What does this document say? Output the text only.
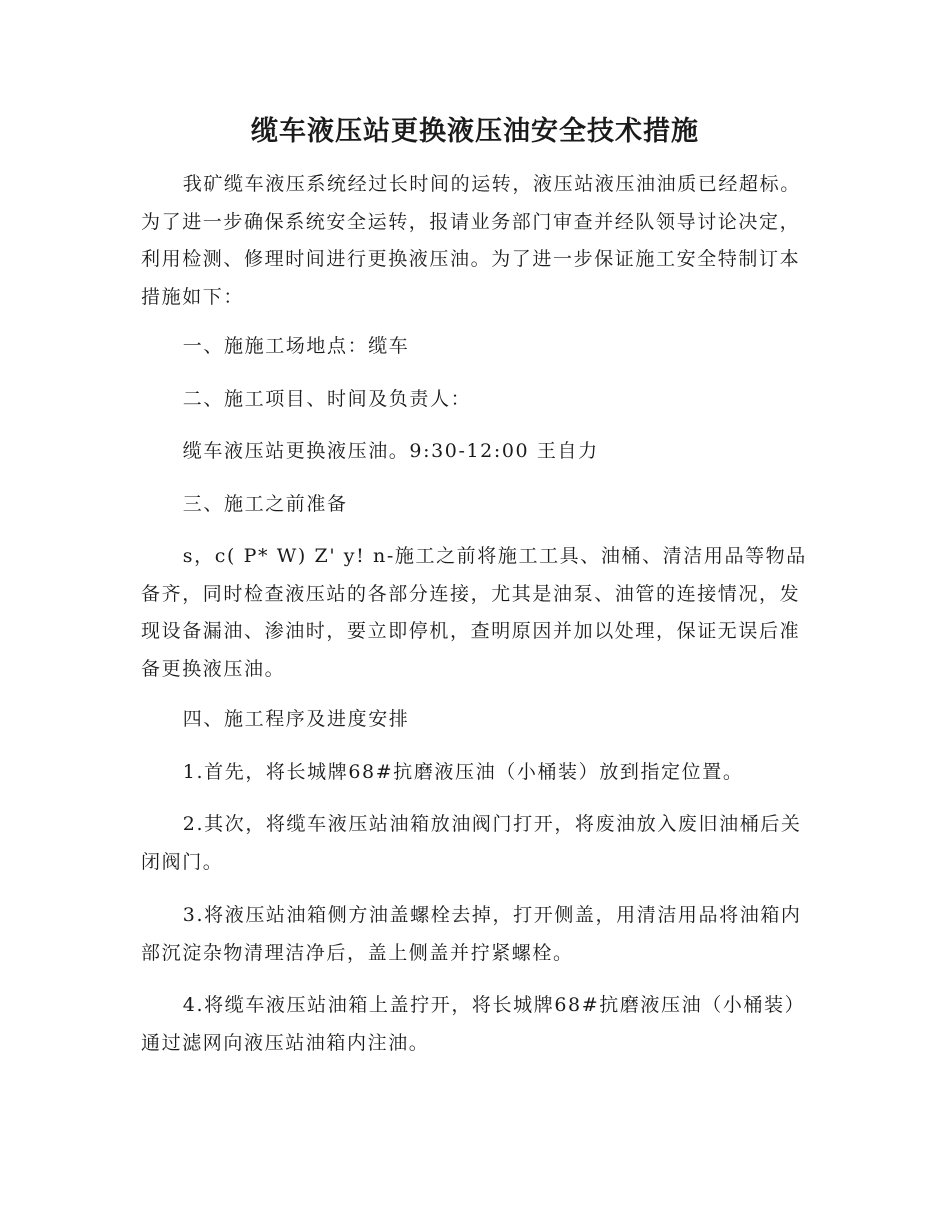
缆车液压站更换液压油安全技术措施

我矿缆车液压系统经过长时间的运转，液压站液压油油质已经超标。为了进一步确保系统安全运转，报请业务部门审查并经队领导讨论决定，利用检测、修理时间进行更换液压油。为了进一步保证施工安全特制订本措施如下：

一、施施工场地点：缆车

二、施工项目、时间及负责人：

缆车液压站更换液压油。9:30-12:00 王自力

三、施工之前准备

s，c( P* W) Z' y! n-施工之前将施工工具、油桶、清洁用品等物品备齐，同时检查液压站的各部分连接，尤其是油泵、油管的连接情况，发现设备漏油、渗油时，要立即停机，查明原因并加以处理，保证无误后准备更换液压油。

四、施工程序及进度安排

1.首先，将长城牌68#抗磨液压油（小桶装）放到指定位置。

2.其次，将缆车液压站油箱放油阀门打开，将废油放入废旧油桶后关闭阀门。

3.将液压站油箱侧方油盖螺栓去掉，打开侧盖，用清洁用品将油箱内部沉淀杂物清理洁净后，盖上侧盖并拧紧螺栓。

4.将缆车液压站油箱上盖拧开，将长城牌68#抗磨液压油（小桶装）通过滤网向液压站油箱内注油。
